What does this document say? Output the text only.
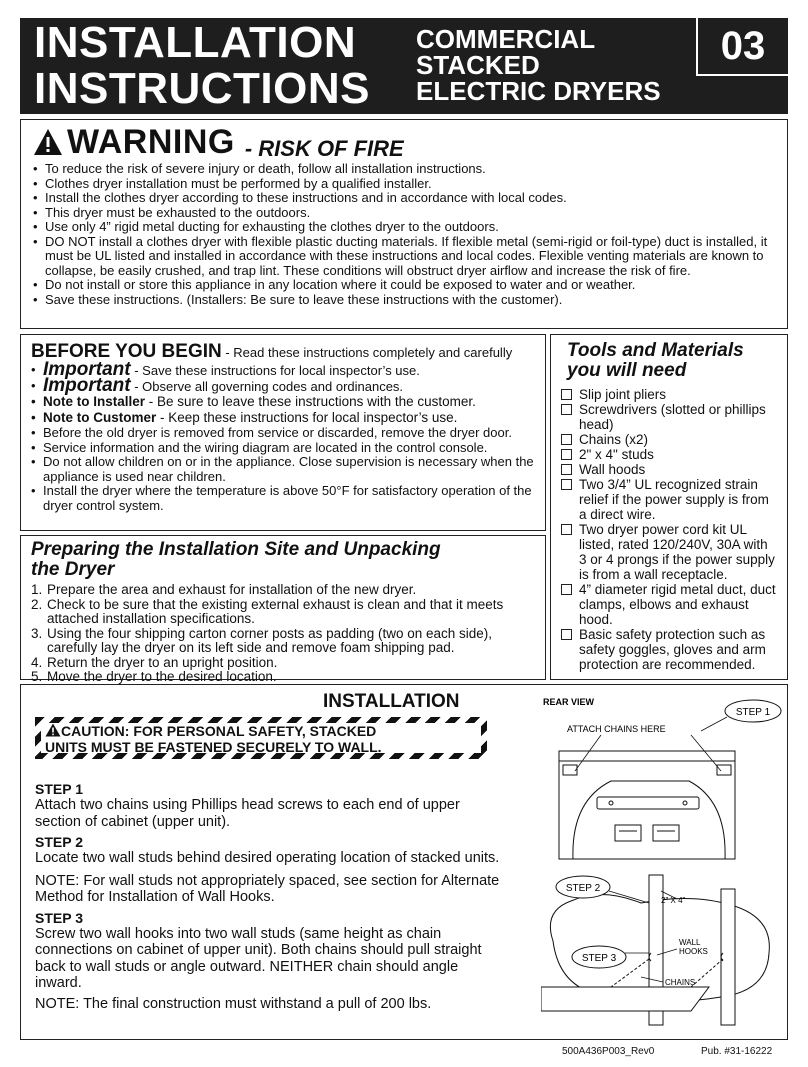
INSTALLATION
INSTRUCTIONS
COMMERCIAL
STACKED
ELECTRIC DRYERS
03
WARNING - RISK OF FIRE
• To reduce the risk of severe injury or death, follow all installation instructions.
• Clothes dryer installation must be performed by a qualified installer.
• Install the clothes dryer according to these instructions and in accordance with local codes.
• This dryer must be exhausted to the outdoors.
• Use only 4” rigid metal ducting for exhausting the clothes dryer to the outdoors.
• DO NOT install a clothes dryer with flexible plastic ducting materials. If flexible metal (semi-rigid or foil-type) duct is installed, it must be UL listed and installed in accordance with these instructions and local codes. Flexible venting materials are known to collapse, be easily crushed, and trap lint. These conditions will obstruct dryer airflow and increase the risk of fire.
• Do not install or store this appliance in any location where it could be exposed to water and or weather.
• Save these instructions. (Installers: Be sure to leave these instructions with the customer).
BEFORE YOU BEGIN - Read these instructions completely and carefully
• Important - Save these instructions for local inspector’s use.
• Important - Observe all governing codes and ordinances.
• Note to Installer - Be sure to leave these instructions with the customer.
• Note to Customer - Keep these instructions for local inspector’s use.
• Before the old dryer is removed from service or discarded, remove the dryer door.
• Service information and the wiring diagram are located in the control console.
• Do not allow children on or in the appliance. Close supervision is necessary when the appliance is used near children.
• Install the dryer where the temperature is above 50°F for satisfactory operation of the dryer control system.
Preparing the Installation Site and Unpacking
the Dryer
1. Prepare the area and exhaust for installation of the new dryer.
2. Check to be sure that the existing external exhaust is clean and that it meets attached installation specifications.
3. Using the four shipping carton corner posts as padding (two on each side), carefully lay the dryer on its left side and remove foam shipping pad.
4. Return the dryer to an upright position.
5. Move the dryer to the desired location.
Tools and Materials
you will need
Slip joint pliers
Screwdrivers (slotted or phillips head)
Chains (x2)
2" x 4" studs
Wall hoods
Two 3/4” UL recognized strain relief if the power supply is from a direct wire.
Two dryer power cord kit UL listed, rated 120/240V, 30A with 3 or 4 prongs if the power supply is from a wall receptacle.
4” diameter rigid metal duct, duct clamps, elbows and exhaust hood.
Basic safety protection such as safety goggles, gloves and arm protection are recommended.
INSTALLATION
CAUTION: FOR PERSONAL SAFETY, STACKED
UNITS MUST BE FASTENED SECURELY TO WALL.
STEP 1
Attach two chains using Phillips head screws to each end of upper section of cabinet (upper unit).
STEP 2
Locate two wall studs behind desired operating location of stacked units.
NOTE: For wall studs not appropriately spaced, see section for Alternate Method for Installation of Wall Hooks.
STEP 3
Screw two wall hooks into two wall studs (same height as chain connections on cabinet of upper unit). Both chains should pull straight back to wall studs or angle outward. NEITHER chain should angle inward.
NOTE: The final construction must withstand a pull of 200 lbs.
REAR VIEW
STEP 1
ATTACH CHAINS HERE
2" X 4"
WALL
HOOKS
CHAINS
STEP 2
STEP 3
500A436P003_Rev0	Pub. #31-16222
